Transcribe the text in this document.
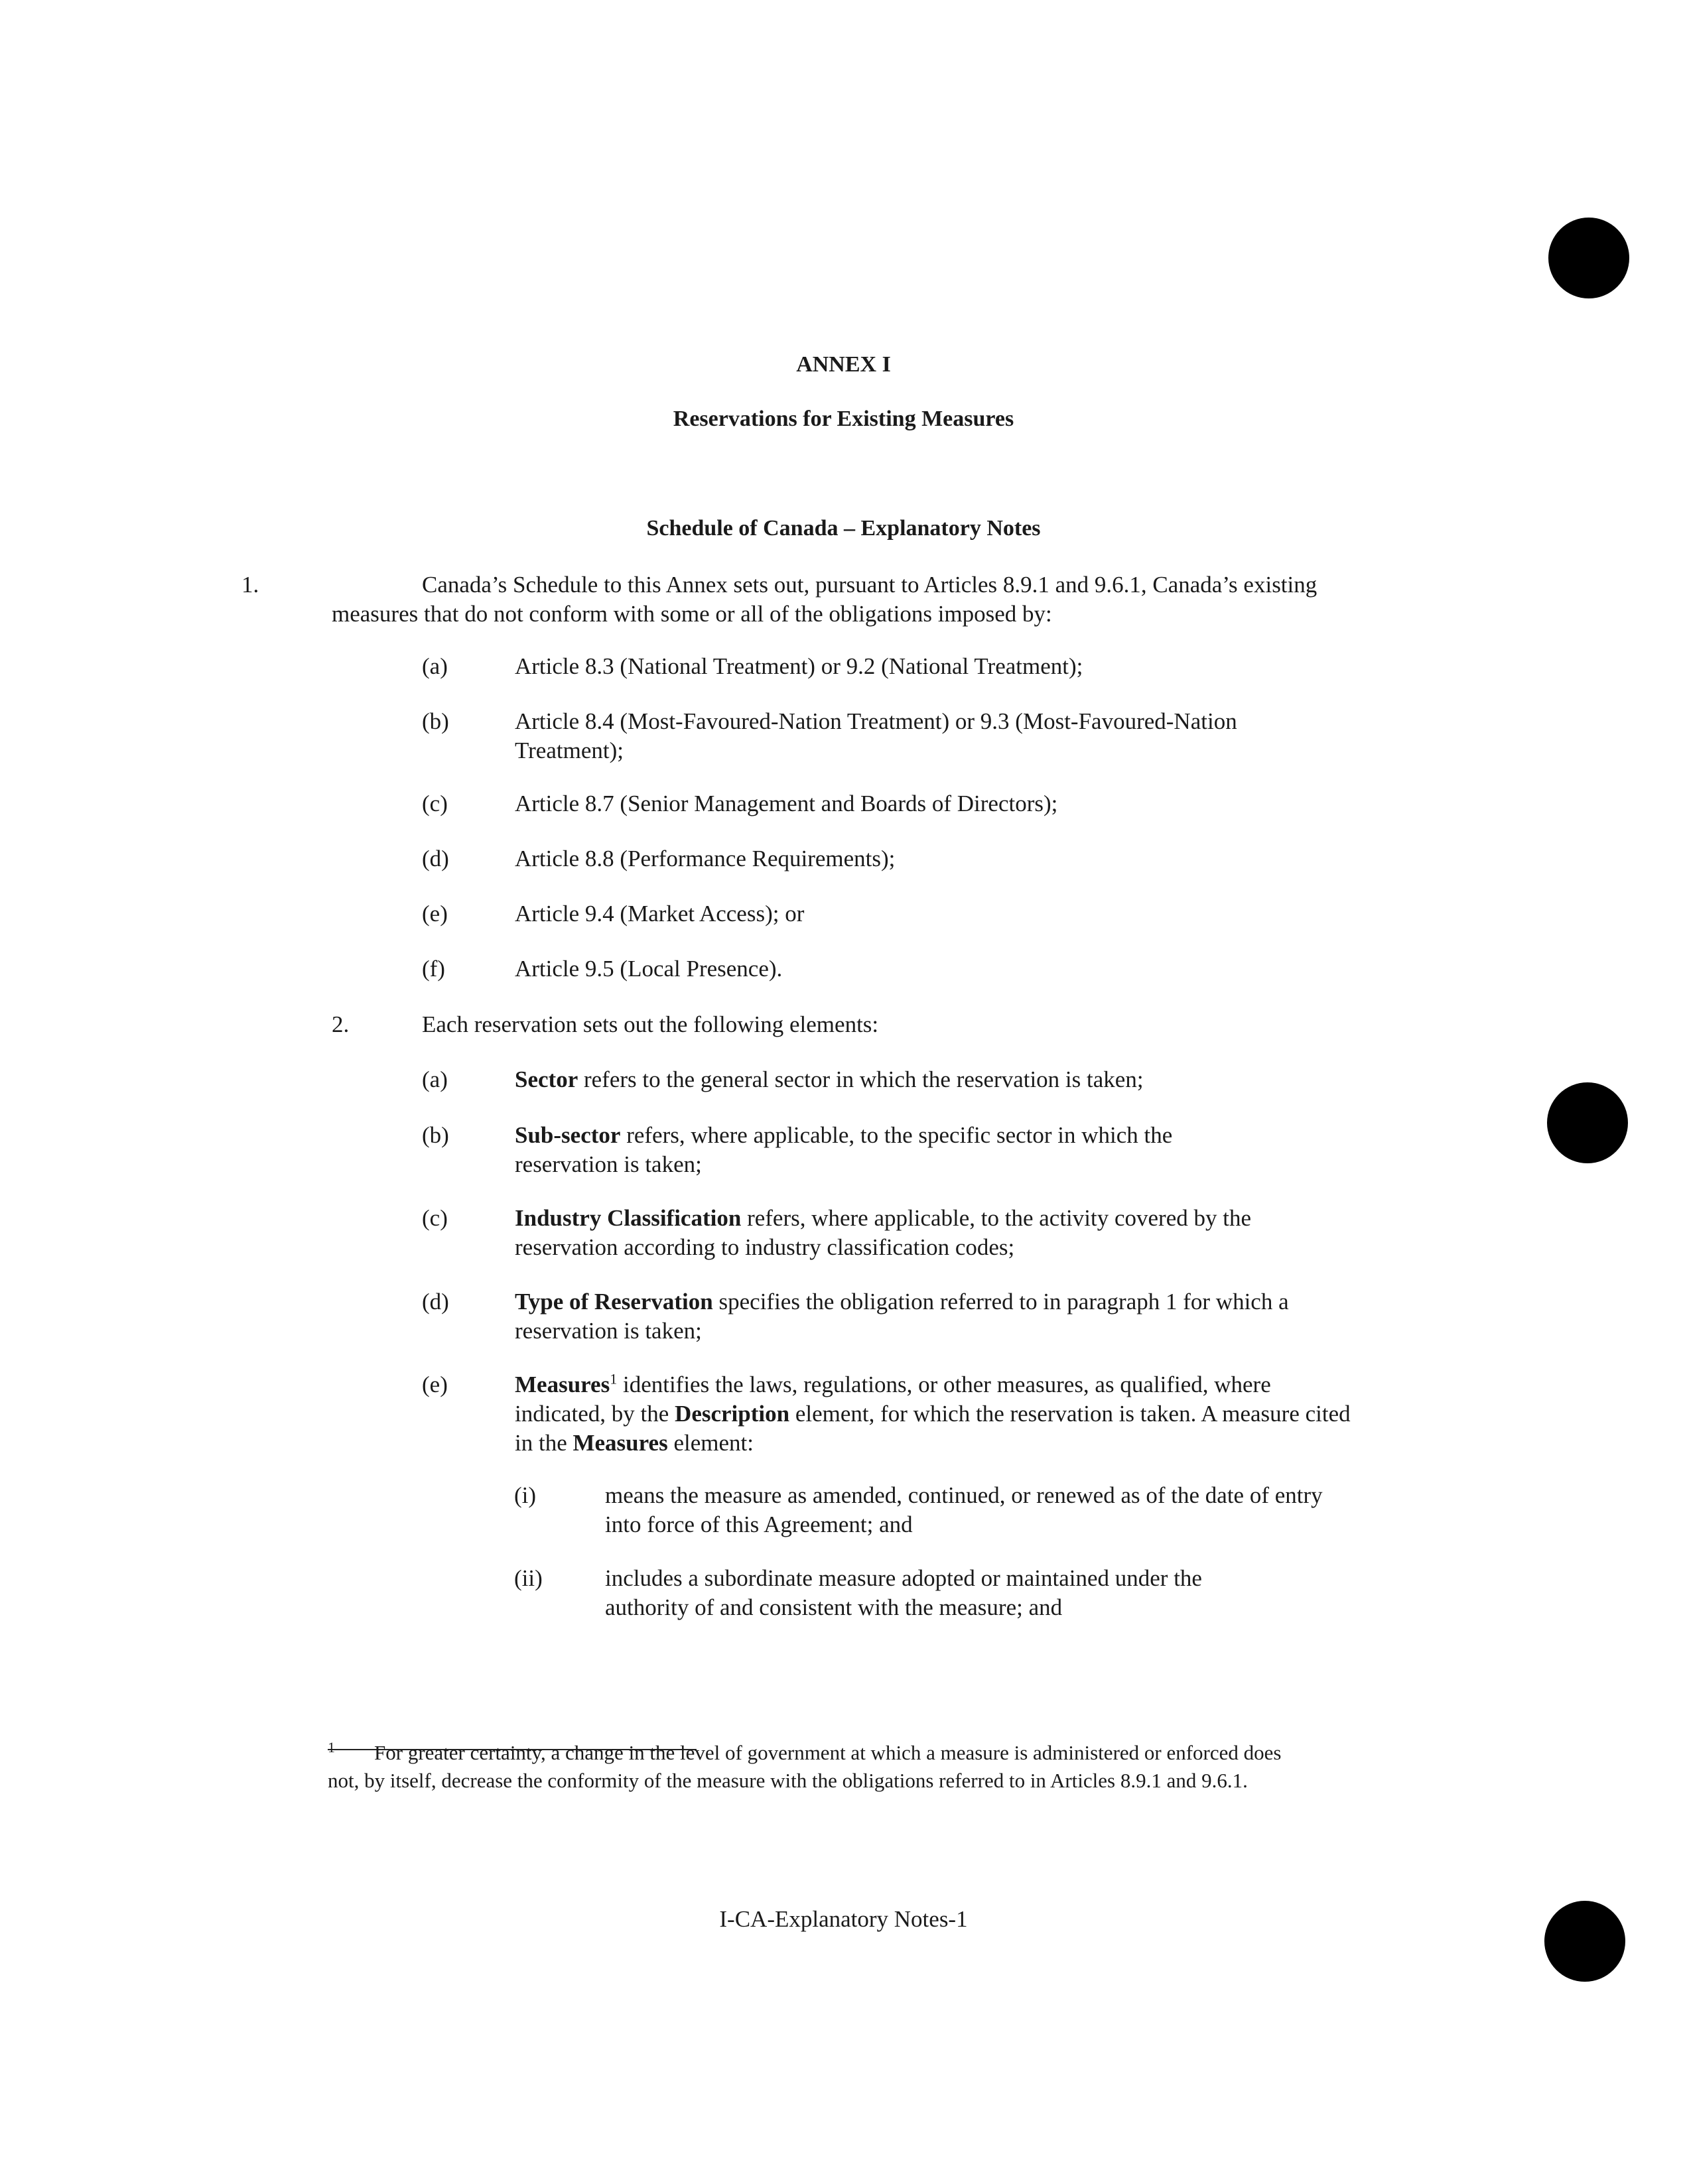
ANNEX I
Reservations for Existing Measures
Schedule of Canada – Explanatory Notes
1.	Canada’s Schedule to this Annex sets out, pursuant to Articles 8.9.1 and 9.6.1, Canada’s existing measures that do not conform with some or all of the obligations imposed by:
(a)	Article 8.3 (National Treatment) or 9.2 (National Treatment);
(b)	Article 8.4 (Most-Favoured-Nation Treatment) or 9.3 (Most-Favoured-Nation Treatment);
(c)	Article 8.7 (Senior Management and Boards of Directors);
(d)	Article 8.8 (Performance Requirements);
(e)	Article 9.4 (Market Access); or
(f)	Article 9.5 (Local Presence).
2.	Each reservation sets out the following elements:
(a)	Sector refers to the general sector in which the reservation is taken;
(b)	Sub-sector refers, where applicable, to the specific sector in which the reservation is taken;
(c)	Industry Classification refers, where applicable, to the activity covered by the reservation according to industry classification codes;
(d)	Type of Reservation specifies the obligation referred to in paragraph 1 for which a reservation is taken;
(e)	Measures$^1$ identifies the laws, regulations, or other measures, as qualified, where indicated, by the Description element, for which the reservation is taken. A measure cited in the Measures element:
(i)	means the measure as amended, continued, or renewed as of the date of entry into force of this Agreement; and
(ii)	includes a subordinate measure adopted or maintained under the authority of and consistent with the measure; and
1	For greater certainty, a change in the level of government at which a measure is administered or enforced does not, by itself, decrease the conformity of the measure with the obligations referred to in Articles 8.9.1 and 9.6.1.
I-CA-Explanatory Notes-1
